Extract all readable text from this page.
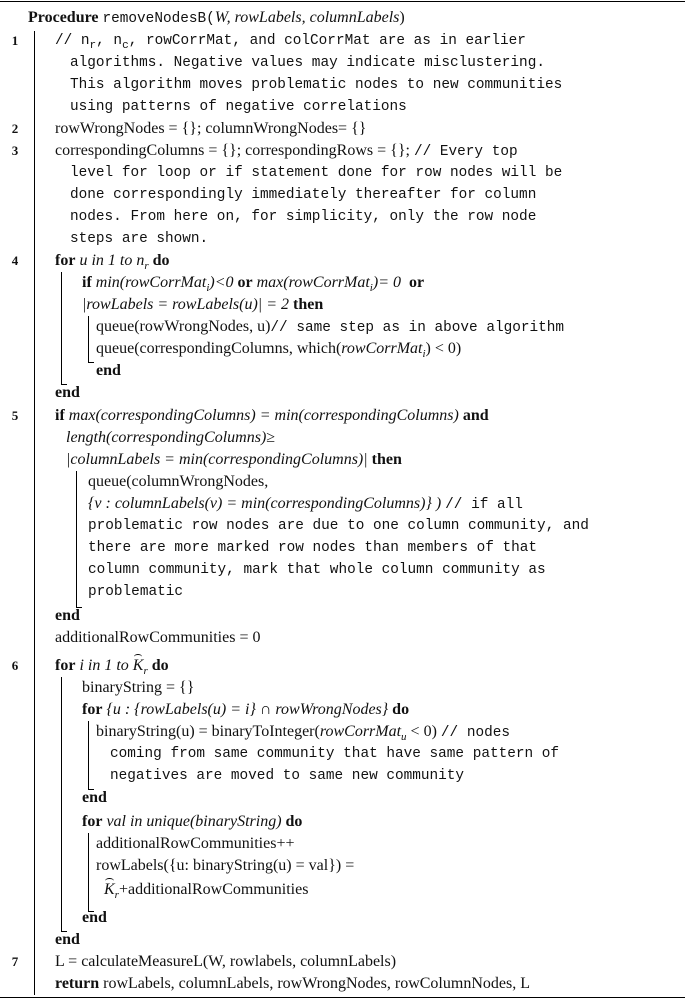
Procedure removeNodesB(W, rowLabels, columnLabels)
1
2
3
4
5
6
7
// $n_r$, $n_c$, rowCorrMat, and colCorrMat are as in earlier
algorithms. Negative values may indicate misclustering.
This algorithm moves problematic nodes to new communities
using patterns of negative correlations
rowWrongNodes = {}; columnWrongNodes= {}
correspondingColumns = {}; correspondingRows = {}; // Every top
level for loop or if statement done for row nodes will be
done correspondingly immediately thereafter for column
nodes. From here on, for simplicity, only the row node
steps are shown.
for u in 1 to $n_r$ do
if min(rowCorrMat$_i$)<0 or max(rowCorrMat$_i$)= 0 or
|rowLabels = rowLabels(u)| = 2 then
queue(rowWrongNodes, u)// same step as in above algorithm
queue(correspondingColumns, which(rowCorrMat$_i$) < 0)
end
end
if max(correspondingColumns) = min(correspondingColumns) and
length(correspondingColumns)≥
|columnLabels = min(correspondingColumns)| then
queue(columnWrongNodes,
{v : columnLabels(v) = min(correspondingColumns)} ) // if all
problematic row nodes are due to one column community, and
there are more marked row nodes than members of that
column community, mark that whole column community as
problematic
end
additionalRowCommunities = 0
for i in 1 to $K_r$ do
binaryString = {}
for {u : {rowLabels(u) = i} ∩ rowWrongNodes} do
binaryString(u) = binaryToInteger(rowCorrMat$_u$ < 0) // nodes
coming from same community that have same pattern of
negatives are moved to same new community
end
for val in unique(binaryString) do
additionalRowCommunities++
rowLabels({u: binaryString(u) = val}) =
$K_r+additionalRowCommunities$
end
end
L = calculateMeasureL(W, rowlabels, columnLabels)
return rowLabels, columnLabels, rowWrongNodes, rowColumnNodes, L
